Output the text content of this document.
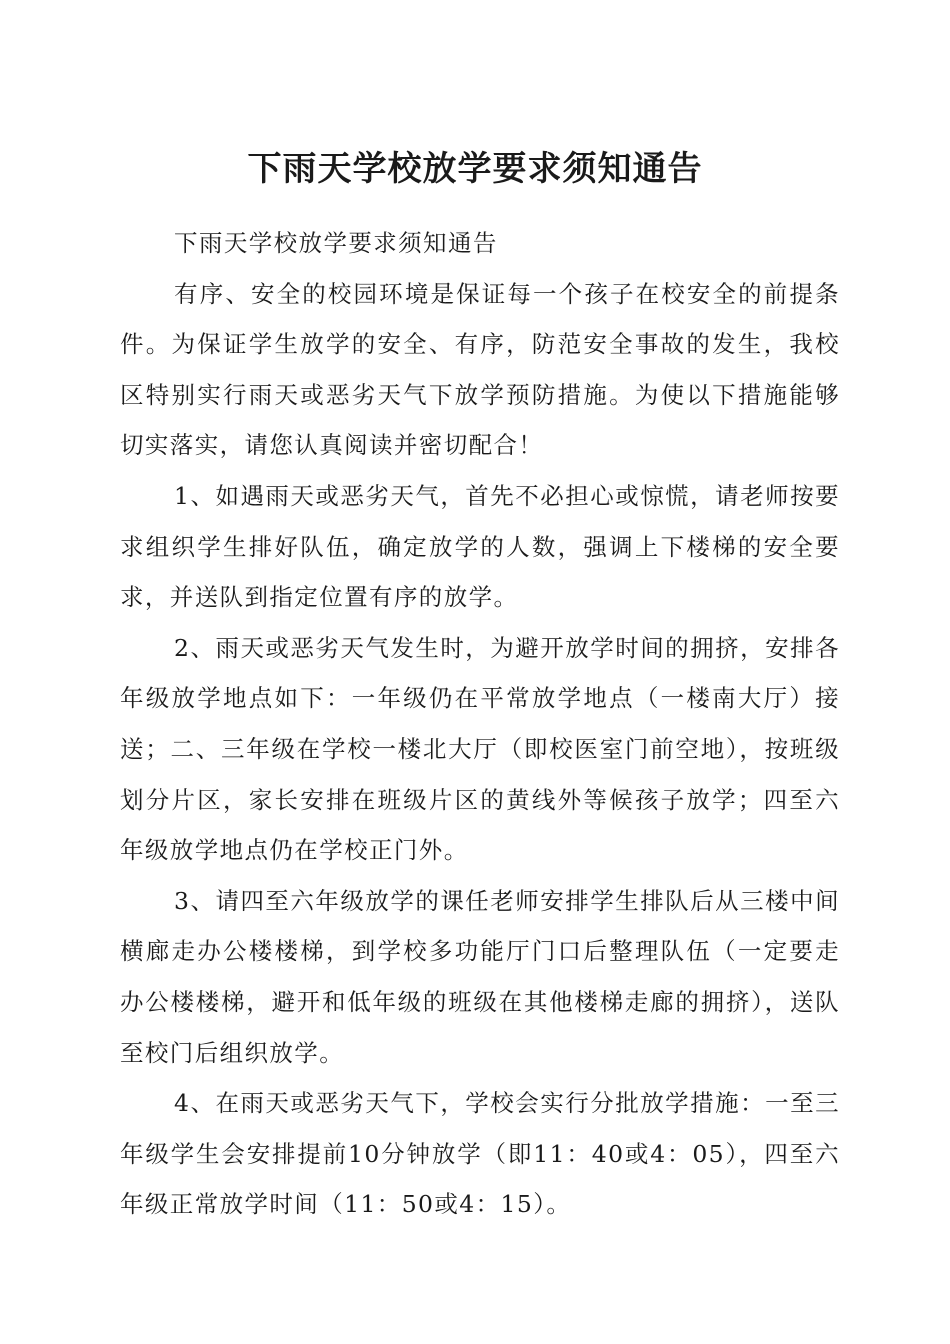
下雨天学校放学要求须知通告

下雨天学校放学要求须知通告

有序、安全的校园环境是保证每一个孩子在校安全的前提条件。为保证学生放学的安全、有序，防范安全事故的发生，我校区特别实行雨天或恶劣天气下放学预防措施。为使以下措施能够切实落实，请您认真阅读并密切配合！

1、如遇雨天或恶劣天气，首先不必担心或惊慌，请老师按要求组织学生排好队伍，确定放学的人数，强调上下楼梯的安全要求，并送队到指定位置有序的放学。

2、雨天或恶劣天气发生时，为避开放学时间的拥挤，安排各年级放学地点如下：一年级仍在平常放学地点（一楼南大厅）接送；二、三年级在学校一楼北大厅（即校医室门前空地），按班级划分片区，家长安排在班级片区的黄线外等候孩子放学；四至六年级放学地点仍在学校正门外。

3、请四至六年级放学的课任老师安排学生排队后从三楼中间横廊走办公楼楼梯，到学校多功能厅门口后整理队伍（一定要走办公楼楼梯，避开和低年级的班级在其他楼梯走廊的拥挤），送队至校门后组织放学。

4、在雨天或恶劣天气下，学校会实行分批放学措施：一至三年级学生会安排提前10分钟放学（即11：40或4：05），四至六年级正常放学时间（11：50或4：15）。
